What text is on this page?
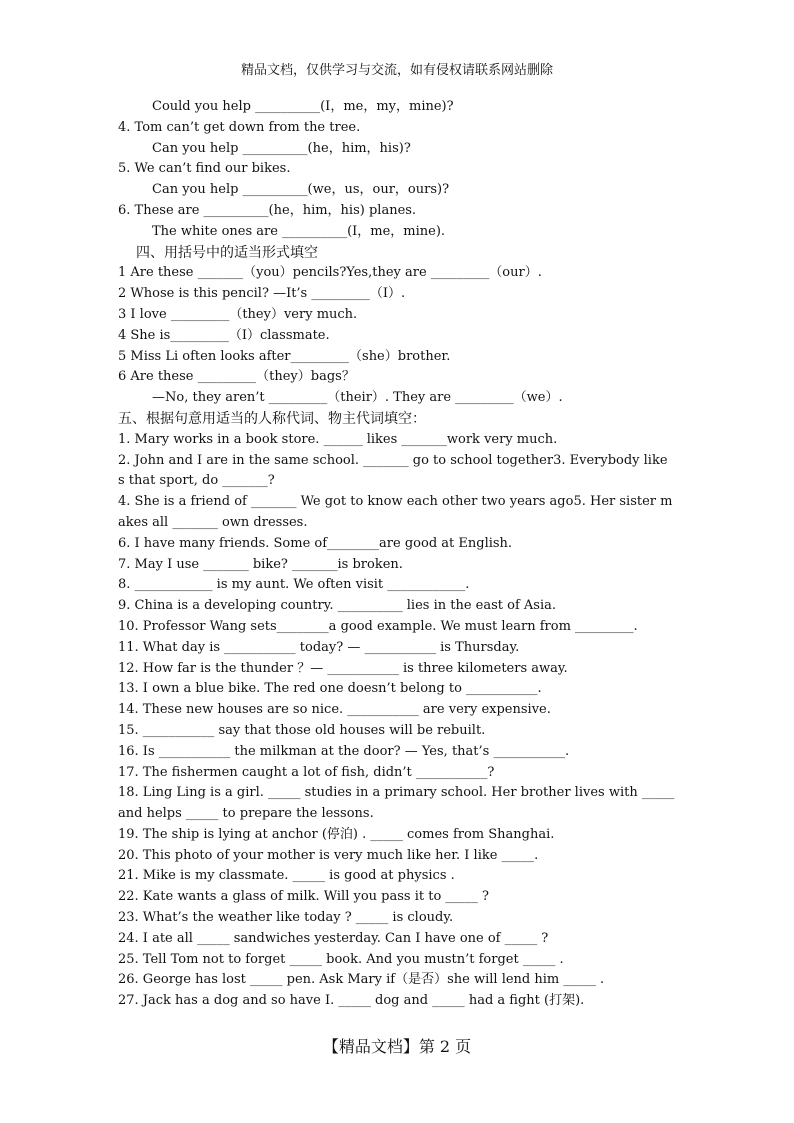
精品文档，仅供学习与交流，如有侵权请联系网站删除
Could you help __________(I，me，my，mine)?
4. Tom can’t get down from the tree.
Can you help __________(he，him，his)?
5. We can’t find our bikes.
Can you help __________(we，us，our，ours)?
6. These are __________(he，him，his) planes.
The white ones are __________(I，me，mine).
四、用括号中的适当形式填空
1 Are these _______（you）pencils?Yes,they are _________（our）.
2 Whose is this pencil? —It’s _________（I）.
3 I love _________（they）very much.
4 She is_________（I）classmate.
5 Miss Li often looks after_________（she）brother.
6 Are these _________（they）bags？
—No, they aren’t _________（their）. They are _________（we）.
五、根据句意用适当的人称代词、物主代词填空：
1. Mary works in a book store. ______ likes _______work very much.
2. John and I are in the same school. _______ go to school together3. Everybody like
s that sport, do _______?
4. She is a friend of _______ We got to know each other two years ago5. Her sister m
akes all _______ own dresses.
6. I have many friends. Some of________are good at English.
7. May I use _______ bike? _______is broken.
8. ____________ is my aunt. We often visit ____________.
9. China is a developing country. __________ lies in the east of Asia.
10. Professor Wang sets________a good example. We must learn from _________.
11. What day is ___________ today? — ___________ is Thursday.
12. How far is the thunder ？— ___________ is three kilometers away.
13. I own a blue bike. The red one doesn’t belong to ___________.
14. These new houses are so nice. ___________ are very expensive.
15. ___________ say that those old houses will be rebuilt.
16. Is ___________ the milkman at the door? — Yes, that’s ___________.
17. The fishermen caught a lot of fish, didn’t ___________?
18. Ling Ling is a girl. _____ studies in a primary school. Her brother lives with _____
and helps _____ to prepare the lessons.
19. The ship is lying at anchor (停泊) . _____ comes from Shanghai.
20. This photo of your mother is very much like her. I like _____.
21. Mike is my classmate. _____ is good at physics .
22. Kate wants a glass of milk. Will you pass it to _____ ?
23. What’s the weather like today ? _____ is cloudy.
24. I ate all _____ sandwiches yesterday. Can I have one of _____ ?
25. Tell Tom not to forget _____ book. And you mustn’t forget _____ .
26. George has lost _____ pen. Ask Mary if（是否）she will lend him _____ .
27. Jack has a dog and so have I. _____ dog and _____ had a fight (打架).
【精品文档】第 2 页
